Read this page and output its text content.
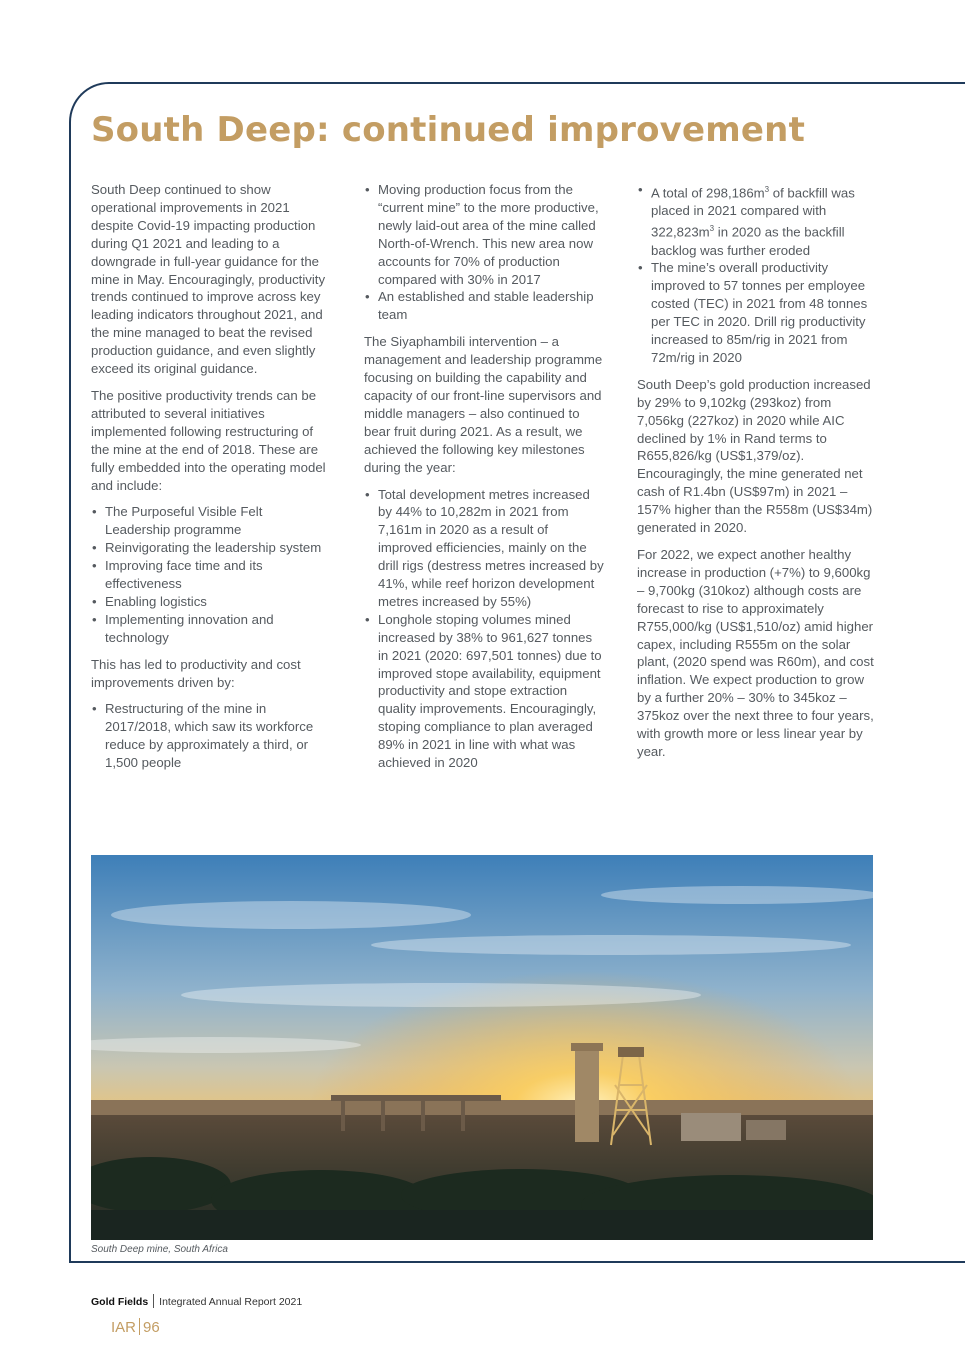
South Deep: continued improvement

South Deep continued to show operational improvements in 2021 despite Covid-19 impacting production during Q1 2021 and leading to a downgrade in full-year guidance for the mine in May. Encouragingly, productivity trends continued to improve across key leading indicators throughout 2021, and the mine managed to beat the revised production guidance, and even slightly exceed its original guidance.

The positive productivity trends can be attributed to several initiatives implemented following restructuring of the mine at the end of 2018. These are fully embedded into the operating model and include:

• The Purposeful Visible Felt Leadership programme
• Reinvigorating the leadership system
• Improving face time and its effectiveness
• Enabling logistics
• Implementing innovation and technology

This has led to productivity and cost improvements driven by:

• Restructuring of the mine in 2017/2018, which saw its workforce reduce by approximately a third, or 1,500 people
• Moving production focus from the “current mine” to the more productive, newly laid-out area of the mine called North-of-Wrench. This new area now accounts for 70% of production compared with 30% in 2017
• An established and stable leadership team

The Siyaphambili intervention – a management and leadership programme focusing on building the capability and capacity of our front-line supervisors and middle managers – also continued to bear fruit during 2021. As a result, we achieved the following key milestones during the year:

• Total development metres increased by 44% to 10,282m in 2021 from 7,161m in 2020 as a result of improved efficiencies, mainly on the drill rigs (destress metres increased by 41%, while reef horizon development metres increased by 55%)
• Longhole stoping volumes mined increased by 38% to 961,627 tonnes in 2021 (2020: 697,501 tonnes) due to improved stope availability, equipment productivity and stope extraction quality improvements. Encouragingly, stoping compliance to plan averaged 89% in 2021 in line with what was achieved in 2020
• A total of $298,186m^3$ of backfill was placed in 2021 compared with $322,823m^3$ in 2020 as the backfill backlog was further eroded
• The mine’s overall productivity improved to 57 tonnes per employee costed (TEC) in 2021 from 48 tonnes per TEC in 2020. Drill rig productivity increased to 85m/rig in 2021 from 72m/rig in 2020

South Deep’s gold production increased by 29% to 9,102kg (293koz) from 7,056kg (227koz) in 2020 while AIC declined by 1% in Rand terms to R655,826/kg (US$1,379/oz). Encouragingly, the mine generated net cash of R1.4bn (US$97m) in 2021 – 157% higher than the R558m (US$34m) generated in 2020.

For 2022, we expect another healthy increase in production (+7%) to 9,600kg – 9,700kg (310koz) although costs are forecast to rise to approximately R755,000/kg (US$1,510/oz) amid higher capex, including R555m on the solar plant, (2020 spend was R60m), and cost inflation. We expect production to grow by a further 20% – 30% to 345koz – 375koz over the next three to four years, with growth more or less linear year by year.

South Deep mine, South Africa
Gold Fields Integrated Annual Report 2021
IAR 96
